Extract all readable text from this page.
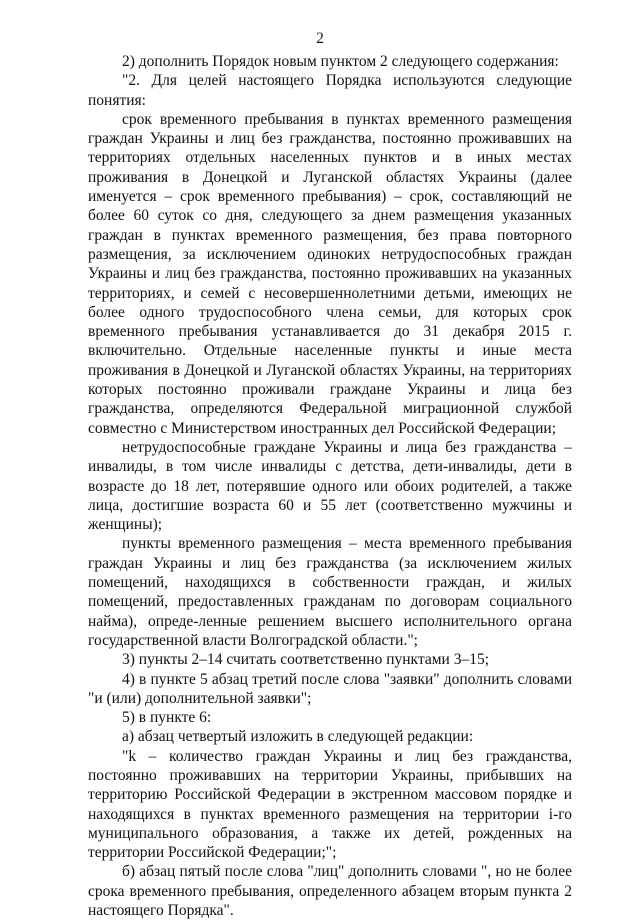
2

2) дополнить Порядок новым пунктом 2 следующего содержания:

"2. Для целей настоящего Порядка используются следующие понятия:

срок временного пребывания в пунктах временного размещения граждан Украины и лиц без гражданства, постоянно проживавших на территориях отдельных населенных пунктов и в иных местах проживания в Донецкой и Луганской областях Украины (далее именуется – срок временного пребывания) – срок, составляющий не более 60 суток со дня, следующего за днем размещения указанных граждан в пунктах временного размещения, без права повторного размещения, за исключением одиноких нетрудоспособных граждан Украины и лиц без гражданства, постоянно проживавших на указанных территориях, и семей с несовершеннолетними детьми, имеющих не более одного трудоспособного члена семьи, для которых срок временного пребывания устанавливается до 31 декабря 2015 г. включительно. Отдельные населенные пункты и иные места проживания в Донецкой и Луганской областях Украины, на территориях которых постоянно проживали граждане Украины и лица без гражданства, определяются Федеральной миграционной службой совместно с Министерством иностранных дел Российской Федерации;

нетрудоспособные граждане Украины и лица без гражданства – инвалиды, в том числе инвалиды с детства, дети-инвалиды, дети в возрасте до 18 лет, потерявшие одного или обоих родителей, а также лица, достигшие возраста 60 и 55 лет (соответственно мужчины и женщины);

пункты временного размещения – места временного пребывания граждан Украины и лиц без гражданства (за исключением жилых помещений, находящихся в собственности граждан, и жилых помещений, предоставленных гражданам по договорам социального найма), опреде-ленные решением высшего исполнительного органа государственной власти Волгоградской области.";

3) пункты 2–14 считать соответственно пунктами 3–15;

4) в пункте 5 абзац третий после слова "заявки" дополнить словами "и (или) дополнительной заявки";

5) в пункте 6:

а) абзац четвертый изложить в следующей редакции:

"k – количество граждан Украины и лиц без гражданства, постоянно проживавших на территории Украины, прибывших на территорию Российской Федерации в экстренном массовом порядке и находящихся в пунктах временного размещения на территории i-го муниципального образования, а также их детей, рожденных на территории Российской Федерации;";

б) абзац пятый после слова "лиц" дополнить словами ", но не более срока временного пребывания, определенного абзацем вторым пункта 2 настоящего Порядка".
